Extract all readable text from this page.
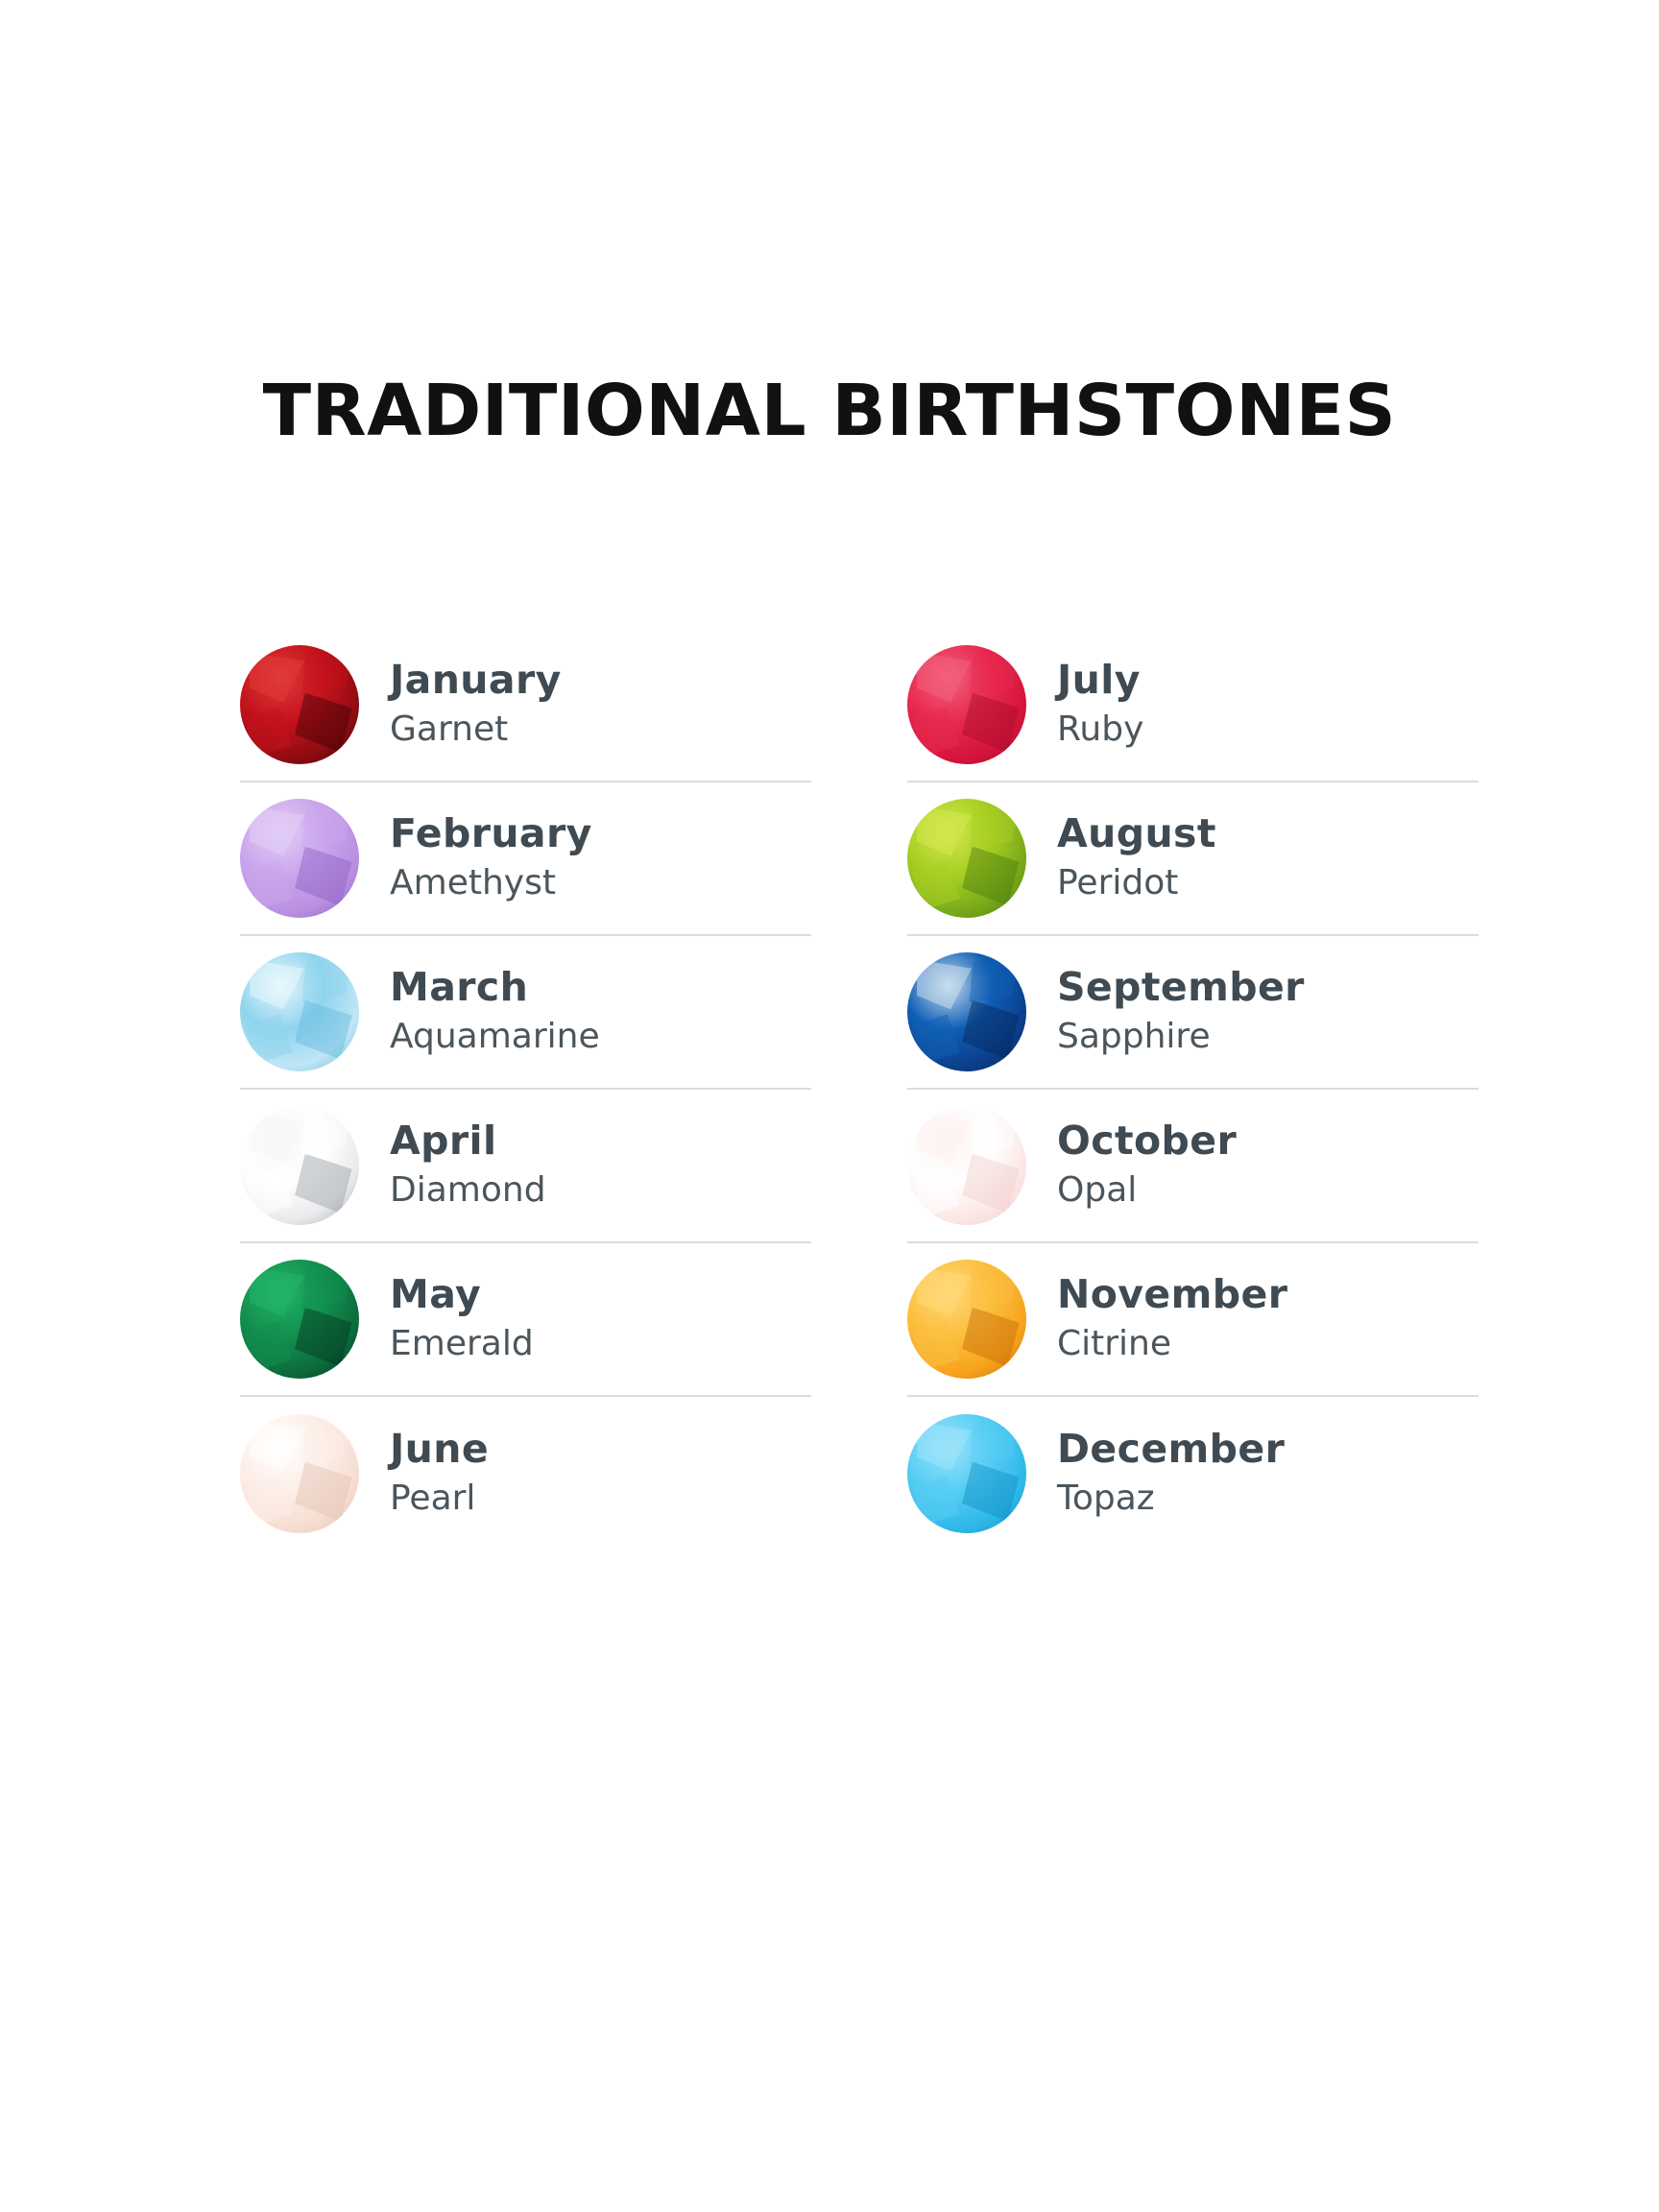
TRADITIONAL BIRTHSTONES
January
Garnet
February
Amethyst
March
Aquamarine
April
Diamond
May
Emerald
June
Pearl
July
Ruby
August
Peridot
September
Sapphire
October
Opal
November
Citrine
December
Topaz
